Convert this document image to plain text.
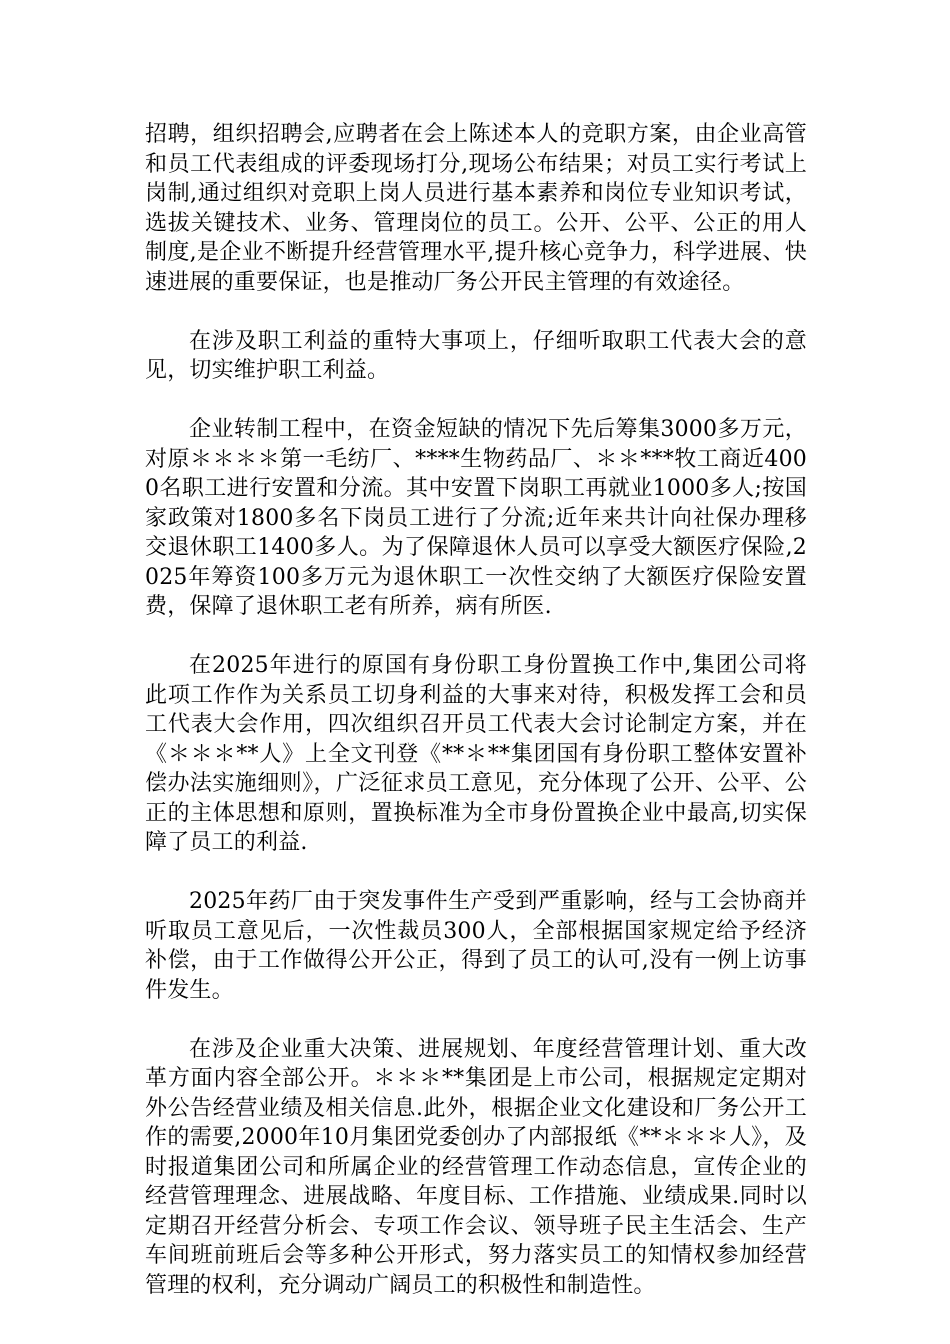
招聘，组织招聘会,应聘者在会上陈述本人的竞职方案，由企业高管和员工代表组成的评委现场打分,现场公布结果；对员工实行考试上岗制,通过组织对竞职上岗人员进行基本素养和岗位专业知识考试，选拔关键技术、业务、管理岗位的员工。公开、公平、公正的用人制度,是企业不断提升经营管理水平,提升核心竞争力，科学进展、快速进展的重要保证，也是推动厂务公开民主管理的有效途径。

在涉及职工利益的重特大事项上，仔细听取职工代表大会的意见，切实维护职工利益。

企业转制工程中，在资金短缺的情况下先后筹集3000多万元，对原＊＊＊＊第一毛纺厂、****生物药品厂、＊＊***牧工商近4000名职工进行安置和分流。其中安置下岗职工再就业1000多人;按国家政策对1800多名下岗员工进行了分流;近年来共计向社保办理移交退休职工1400多人。为了保障退休人员可以享受大额医疗保险,2025年筹资100多万元为退休职工一次性交纳了大额医疗保险安置费，保障了退休职工老有所养，病有所医.

在2025年进行的原国有身份职工身份置换工作中,集团公司将此项工作作为关系员工切身利益的大事来对待，积极发挥工会和员工代表大会作用，四次组织召开员工代表大会讨论制定方案，并在《＊＊＊**人》上全文刊登《**＊**集团国有身份职工整体安置补偿办法实施细则》，广泛征求员工意见，充分体现了公开、公平、公正的主体思想和原则，置换标准为全市身份置换企业中最高,切实保障了员工的利益.

2025年药厂由于突发事件生产受到严重影响，经与工会协商并听取员工意见后，一次性裁员300人，全部根据国家规定给予经济补偿，由于工作做得公开公正，得到了员工的认可,没有一例上访事件发生。

在涉及企业重大决策、进展规划、年度经营管理计划、重大改革方面内容全部公开。＊＊＊**集团是上市公司，根据规定定期对外公告经营业绩及相关信息.此外，根据企业文化建设和厂务公开工作的需要,2000年10月集团党委创办了内部报纸《**＊＊＊人》，及时报道集团公司和所属企业的经营管理工作动态信息，宣传企业的经营管理理念、进展战略、年度目标、工作措施、业绩成果.同时以定期召开经营分析会、专项工作会议、领导班子民主生活会、生产车间班前班后会等多种公开形式，努力落实员工的知情权参加经营管理的权利，充分调动广阔员工的积极性和制造性。
